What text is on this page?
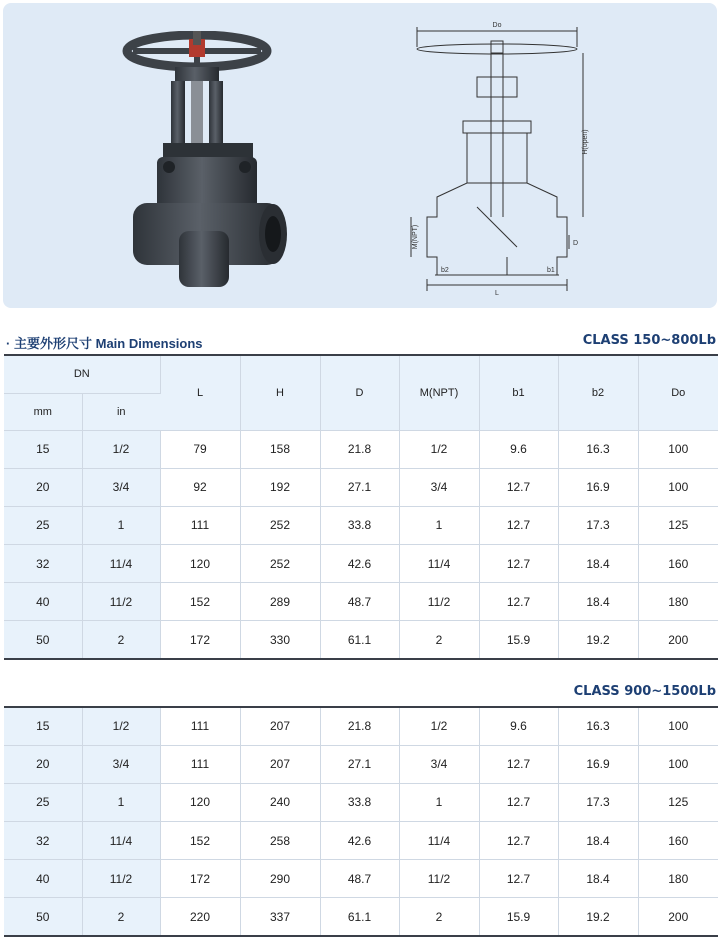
Do
H(open)
M(NPT)	D
b1
b2
L
· 主要外形尺寸 Main Dimensions	CLASS 150~800Lb
DN		L	H	D	M(NPT)	b1	b2	Do
mm	in							
15	1/2	79	158	21.8	1/2	9.6	16.3	100
20	3/4	92	192	27.1	3/4	12.7	16.9	100
25	1	111	252	33.8	1	12.7	17.3	125
32	11/4	120	252	42.6	11/4	12.7	18.4	160
40	11/2	152	289	48.7	11/2	12.7	18.4	180
50	2	172	330	61.1	2	15.9	19.2	200
CLASS 900~1500Lb
15	1/2	111	207	21.8	1/2	9.6	16.3	100
20	3/4	111	207	27.1	3/4	12.7	16.9	100
25	1	120	240	33.8	1	12.7	17.3	125
32	11/4	152	258	42.6	11/4	12.7	18.4	160
40	11/2	172	290	48.7	11/2	12.7	18.4	180
50	2	220	337	61.1	2	15.9	19.2	200
